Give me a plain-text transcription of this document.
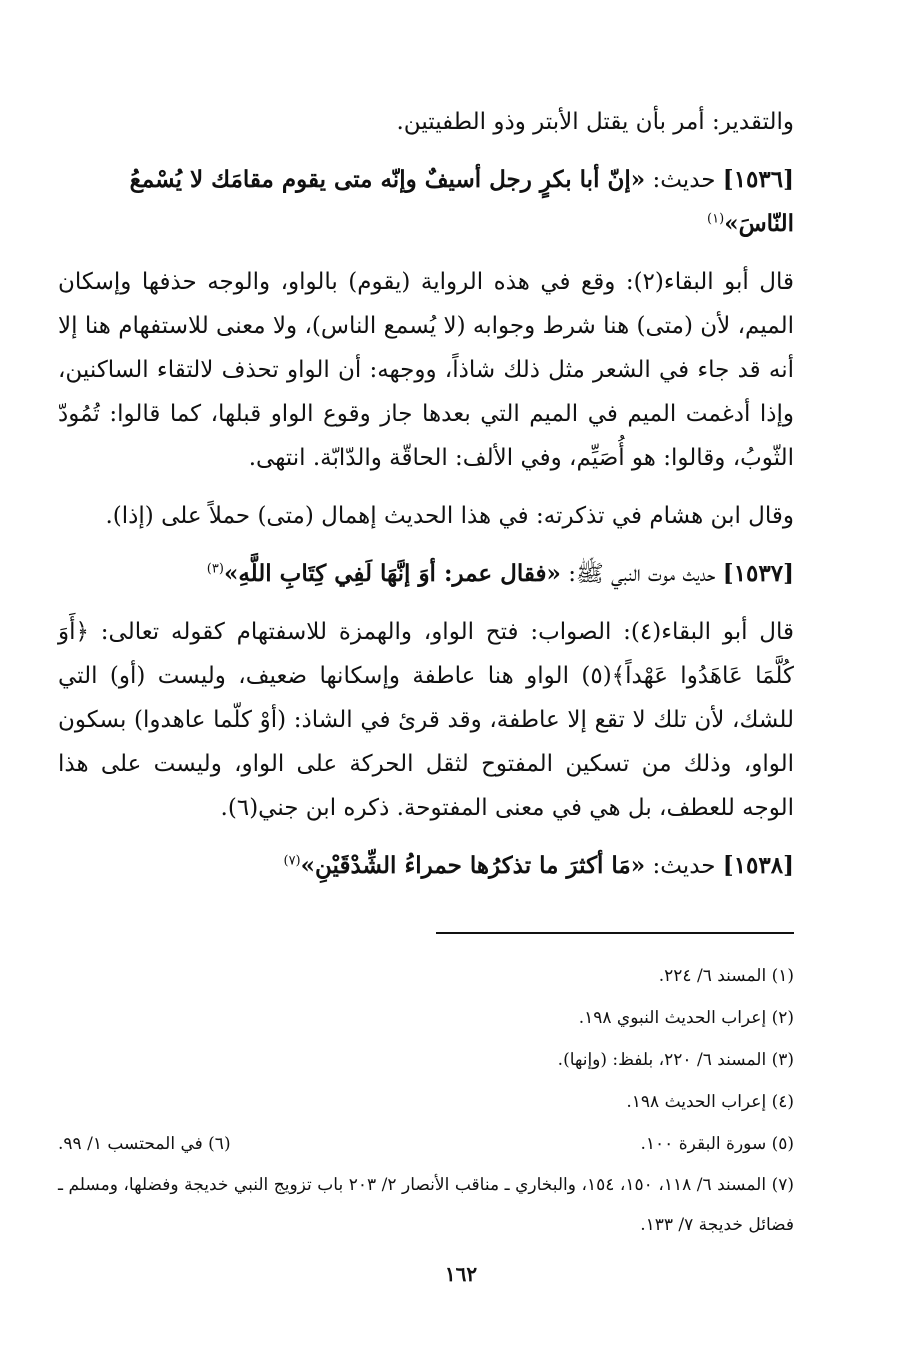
والتقدير: أمر بأن يقتل الأبتر وذو الطفيتين.

[١٥٣٦] حديث: «إنّ أبا بكرٍ رجل أسيفٌ وإنّه متى يقوم مقامَك لا يُسْمعُ النّاسَ»$^{(١)}$

قال أبو البقاء(٢): وقع في هذه الرواية (يقوم) بالواو، والوجه حذفها وإسكان الميم، لأن (متى) هنا شرط وجوابه (لا يُسمع الناس)، ولا معنى للاستفهام هنا إلا أنه قد جاء في الشعر مثل ذلك شاذاً، ووجهه: أن الواو تحذف لالتقاء الساكنين، وإذا أدغمت الميم في الميم التي بعدها جاز وقوع الواو قبلها، كما قالوا: تُمُودّ الثّوبُ، وقالوا: هو أُصَيِّم، وفي الألف: الحاقّة والدّابّة. انتهى.

وقال ابن هشام في تذكرته: في هذا الحديث إهمال (متى) حملاً على (إذا).

[١٥٣٧] حديث موت النبي ﷺ: «فقال عمر: أوَ إنَّهَا لَفِي كِتَابِ اللَّهِ»$^{(٣)}$

قال أبو البقاء(٤): الصواب: فتح الواو، والهمزة للاسفتهام كقوله تعالى: ﴿أَوَ كُلَّمَا عَاهَدُوا عَهْداً﴾(٥) الواو هنا عاطفة وإسكانها ضعيف، وليست (أو) التي للشك، لأن تلك لا تقع إلا عاطفة، وقد قرئ في الشاذ: (أوْ كلّما عاهدوا) بسكون الواو، وذلك من تسكين المفتوح لثقل الحركة على الواو، وليست على هذا الوجه للعطف، بل هي في معنى المفتوحة. ذكره ابن جني(٦).

[١٥٣٨] حديث: «مَا أكثرَ ما تذكرُها حمراءُ الشِّدْقَيْنِ»$^{(٧)}$

(١) المسند ٦/ ٢٢٤.

(٢) إعراب الحديث النبوي ١٩٨.

(٣) المسند ٦/ ٢٢٠، بلفظ: (وإنها).

(٤) إعراب الحديث ١٩٨.

(٥) سورة البقرة ١٠٠.
(٦) في المحتسب ١/ ٩٩.

(٧) المسند ٦/ ١١٨، ١٥٠، ١٥٤، والبخاري ـ مناقب الأنصار ٢/ ٢٠٣ باب تزويج النبي خديجة وفضلها، ومسلم ـ فضائل خديجة ٧/ ١٣٣.

١٦٢
